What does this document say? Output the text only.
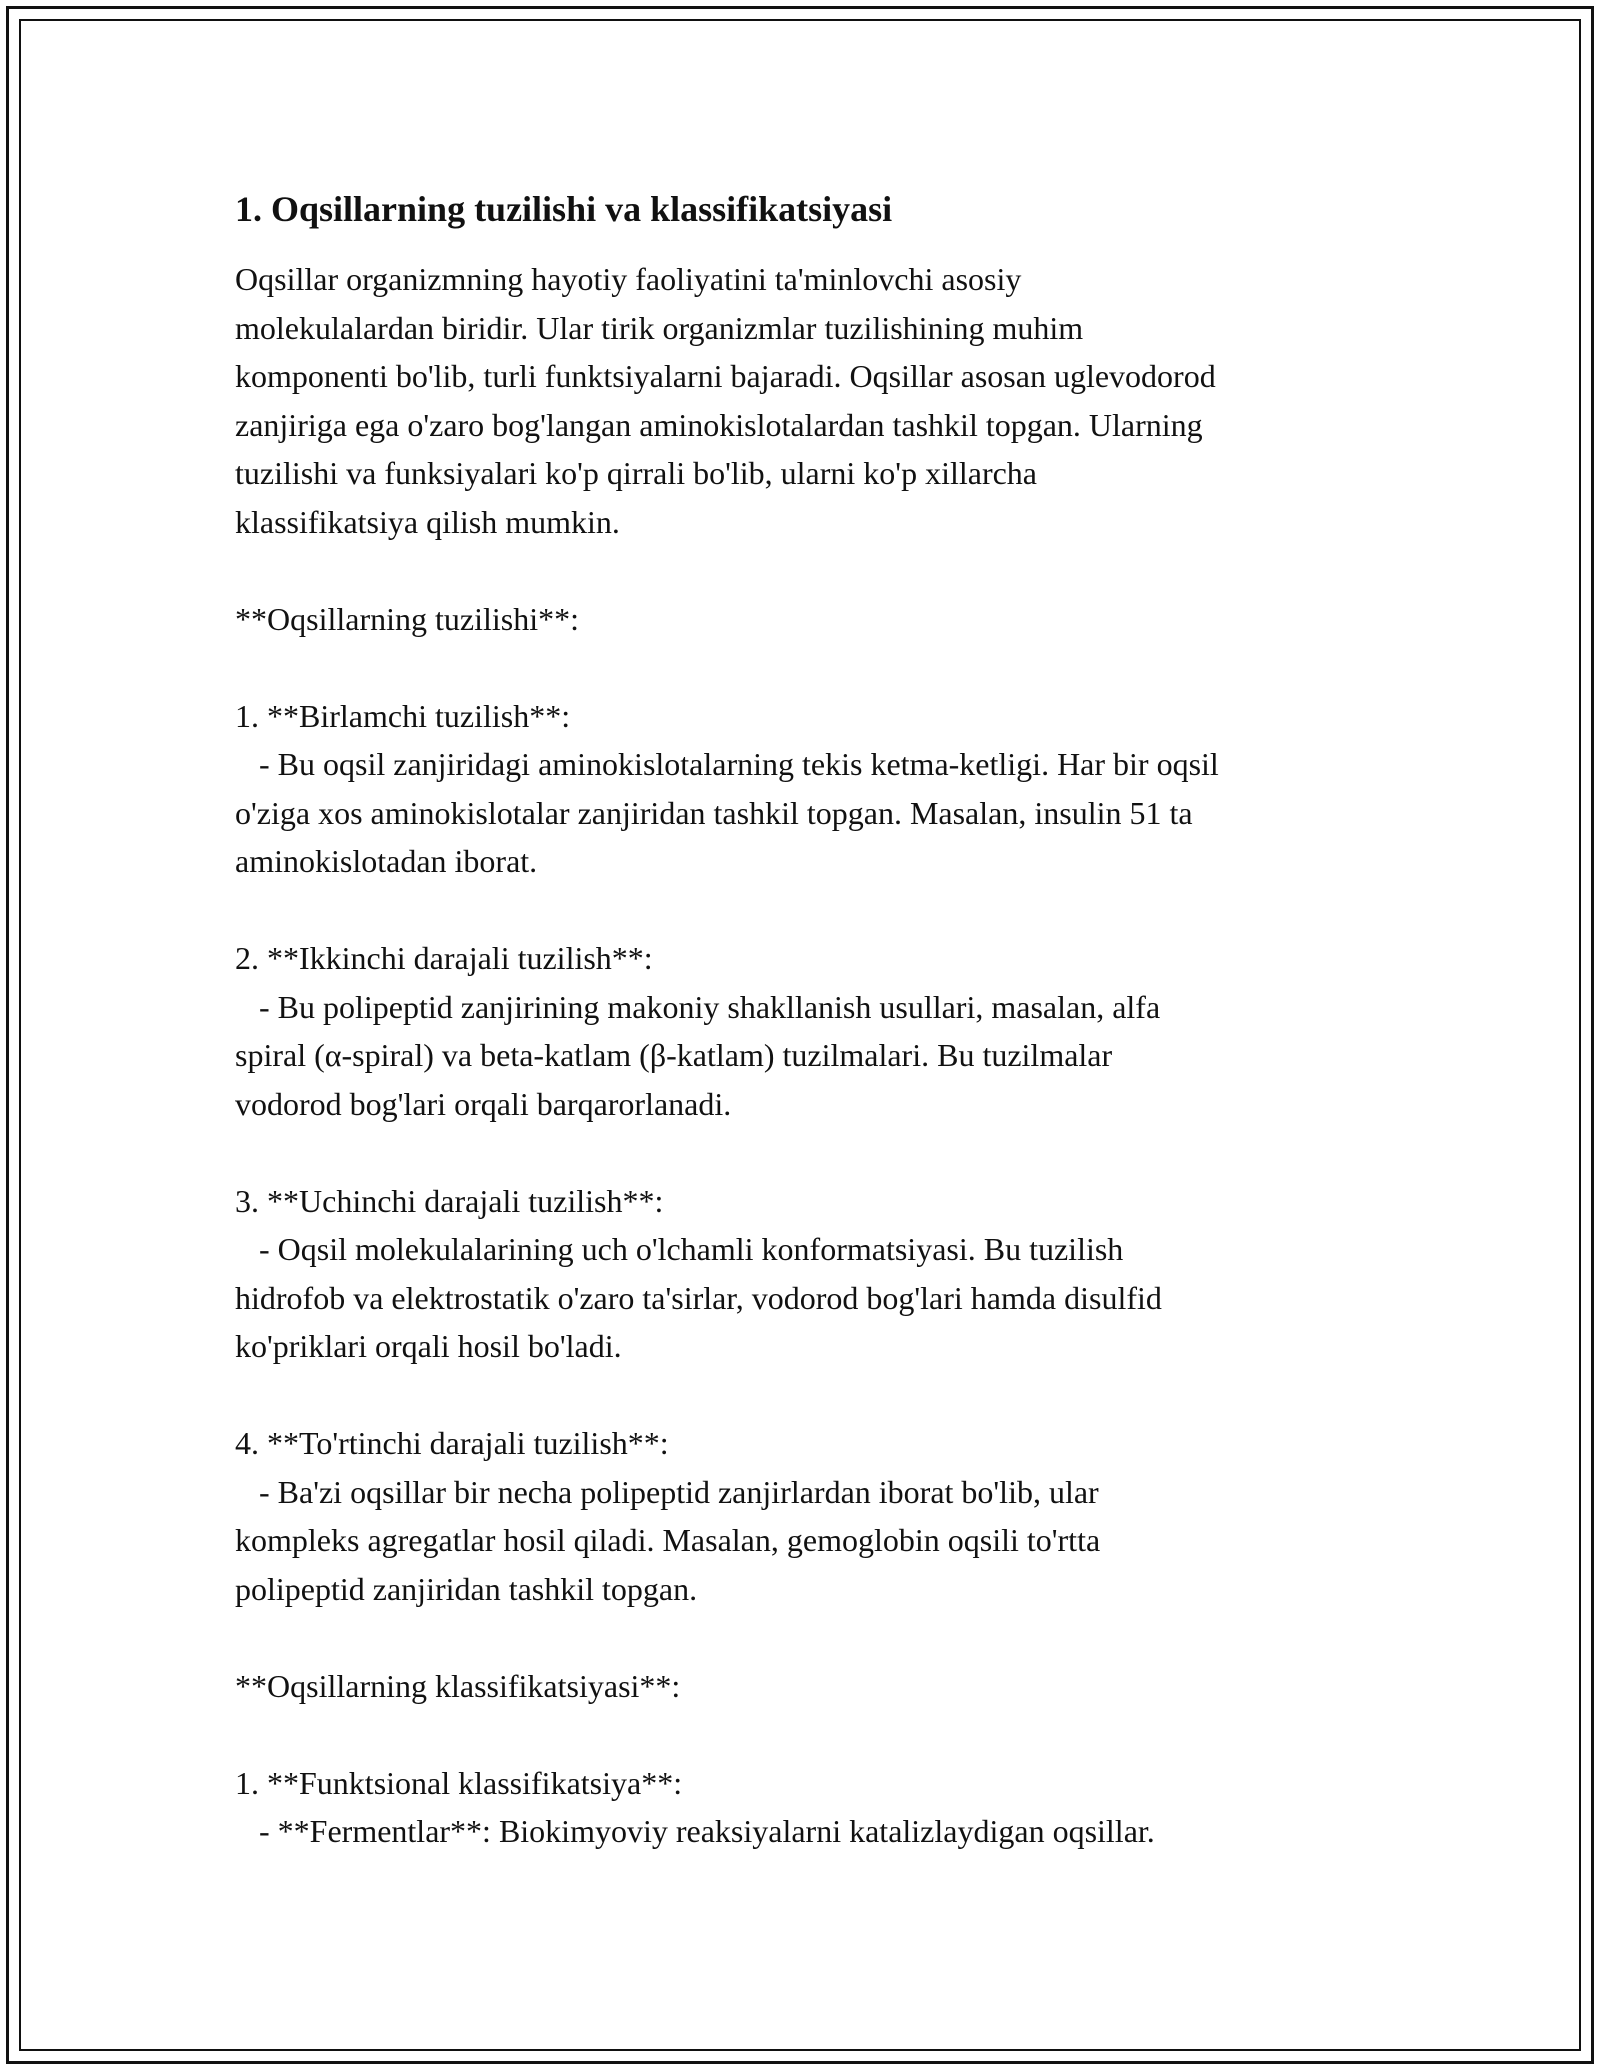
1. Oqsillarning tuzilishi va klassifikatsiyasi

Oqsillar organizmning hayotiy faoliyatini ta'minlovchi asosiy
molekulalardan biridir. Ular tirik organizmlar tuzilishining muhim
komponenti bo'lib, turli funktsiyalarni bajaradi. Oqsillar asosan uglevodorod
zanjiriga ega o'zaro bog'langan aminokislotalardan tashkil topgan. Ularning
tuzilishi va funksiyalari ko'p qirrali bo'lib, ularni ko'p xillarcha
klassifikatsiya qilish mumkin.

**Oqsillarning tuzilishi**:

1. **Birlamchi tuzilish**:

- Bu oqsil zanjiridagi aminokislotalarning tekis ketma-ketligi. Har bir oqsil
o'ziga xos aminokislotalar zanjiridan tashkil topgan. Masalan, insulin 51 ta
aminokislotadan iborat.

2. **Ikkinchi darajali tuzilish**:

- Bu polipeptid zanjirining makoniy shakllanish usullari, masalan, alfa
spiral (α-spiral) va beta-katlam (β-katlam) tuzilmalari. Bu tuzilmalar
vodorod bog'lari orqali barqarorlanadi.

3. **Uchinchi darajali tuzilish**:

- Oqsil molekulalarining uch o'lchamli konformatsiyasi. Bu tuzilish
hidrofob va elektrostatik o'zaro ta'sirlar, vodorod bog'lari hamda disulfid
ko'priklari orqali hosil bo'ladi.

4. **To'rtinchi darajali tuzilish**:

- Ba'zi oqsillar bir necha polipeptid zanjirlardan iborat bo'lib, ular
kompleks agregatlar hosil qiladi. Masalan, gemoglobin oqsili to'rtta
polipeptid zanjiridan tashkil topgan.

**Oqsillarning klassifikatsiyasi**:

1. **Funktsional klassifikatsiya**:

- **Fermentlar**: Biokimyoviy reaksiyalarni katalizlaydigan oqsillar.
